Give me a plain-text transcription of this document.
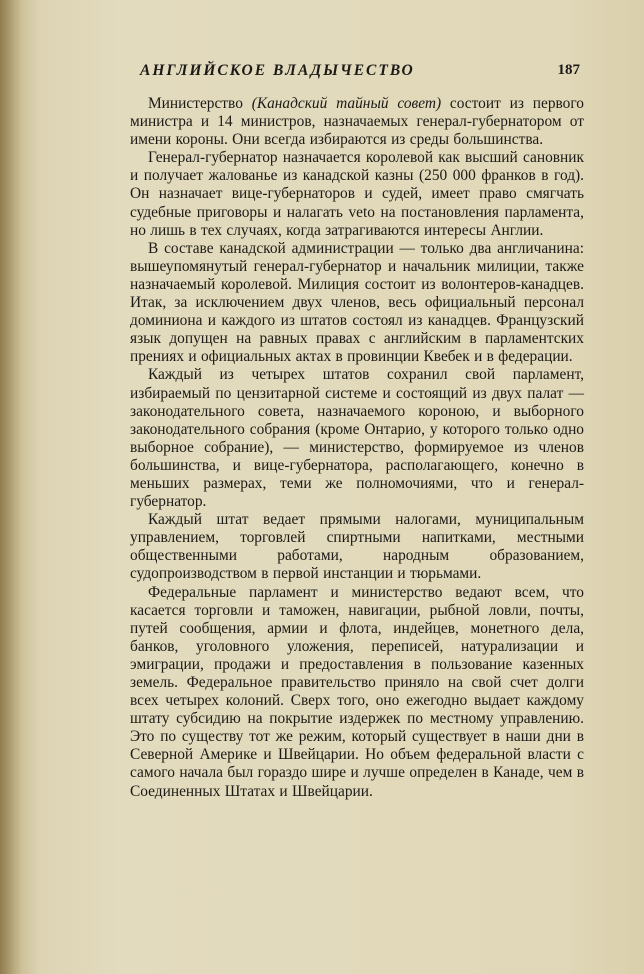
АНГЛИЙСКОЕ ВЛАДЫЧЕСТВО	187

Министерство (Канадский тайный совет) состоит из первого министра и 14 министров, назначаемых генерал-губернатором от имени короны. Они всегда избираются из среды большинства.

Генерал-губернатор назначается королевой как высший сановник и получает жалованье из канадской казны (250 000 франков в год). Он назначает вице-губернаторов и судей, имеет право смягчать судебные приговоры и налагать veto на постановления парламента, но лишь в тех случаях, когда затрагиваются интересы Англии.

В составе канадской администрации — только два англичанина: вышеупомянутый генерал-губернатор и начальник милиции, также назначаемый королевой. Милиция состоит из волонтеров-канадцев. Итак, за исключением двух членов, весь официальный персонал доминиона и каждого из штатов состоял из канадцев. Французский язык допущен на равных правах с английским в парламентских прениях и официальных актах в провинции Квебек и в федерации.

Каждый из четырех штатов сохранил свой парламент, избираемый по цензитарной системе и состоящий из двух палат — законодательного совета, назначаемого короною, и выборного законодательного собрания (кроме Онтарио, у которого только одно выборное собрание), — министерство, формируемое из членов большинства, и вице-губернатора, располагающего, конечно в меньших размерах, теми же полномочиями, что и генерал-губернатор.

Каждый штат ведает прямыми налогами, муниципальным управлением, торговлей спиртными напитками, местными общественными работами, народным образованием, судопроизводством в первой инстанции и тюрьмами.

Федеральные парламент и министерство ведают всем, что касается торговли и таможен, навигации, рыбной ловли, почты, путей сообщения, армии и флота, индейцев, монетного дела, банков, уголовного уложения, переписей, натурализации и эмиграции, продажи и предоставления в пользование казенных земель. Федеральное правительство приняло на свой счет долги всех четырех колоний. Сверх того, оно ежегодно выдает каждому штату субсидию на покрытие издержек по местному управлению. Это по существу тот же режим, который существует в наши дни в Северной Америке и Швейцарии. Но объем федеральной власти с самого начала был гораздо шире и лучше определен в Канаде, чем в Соединенных Штатах и Швейцарии.
